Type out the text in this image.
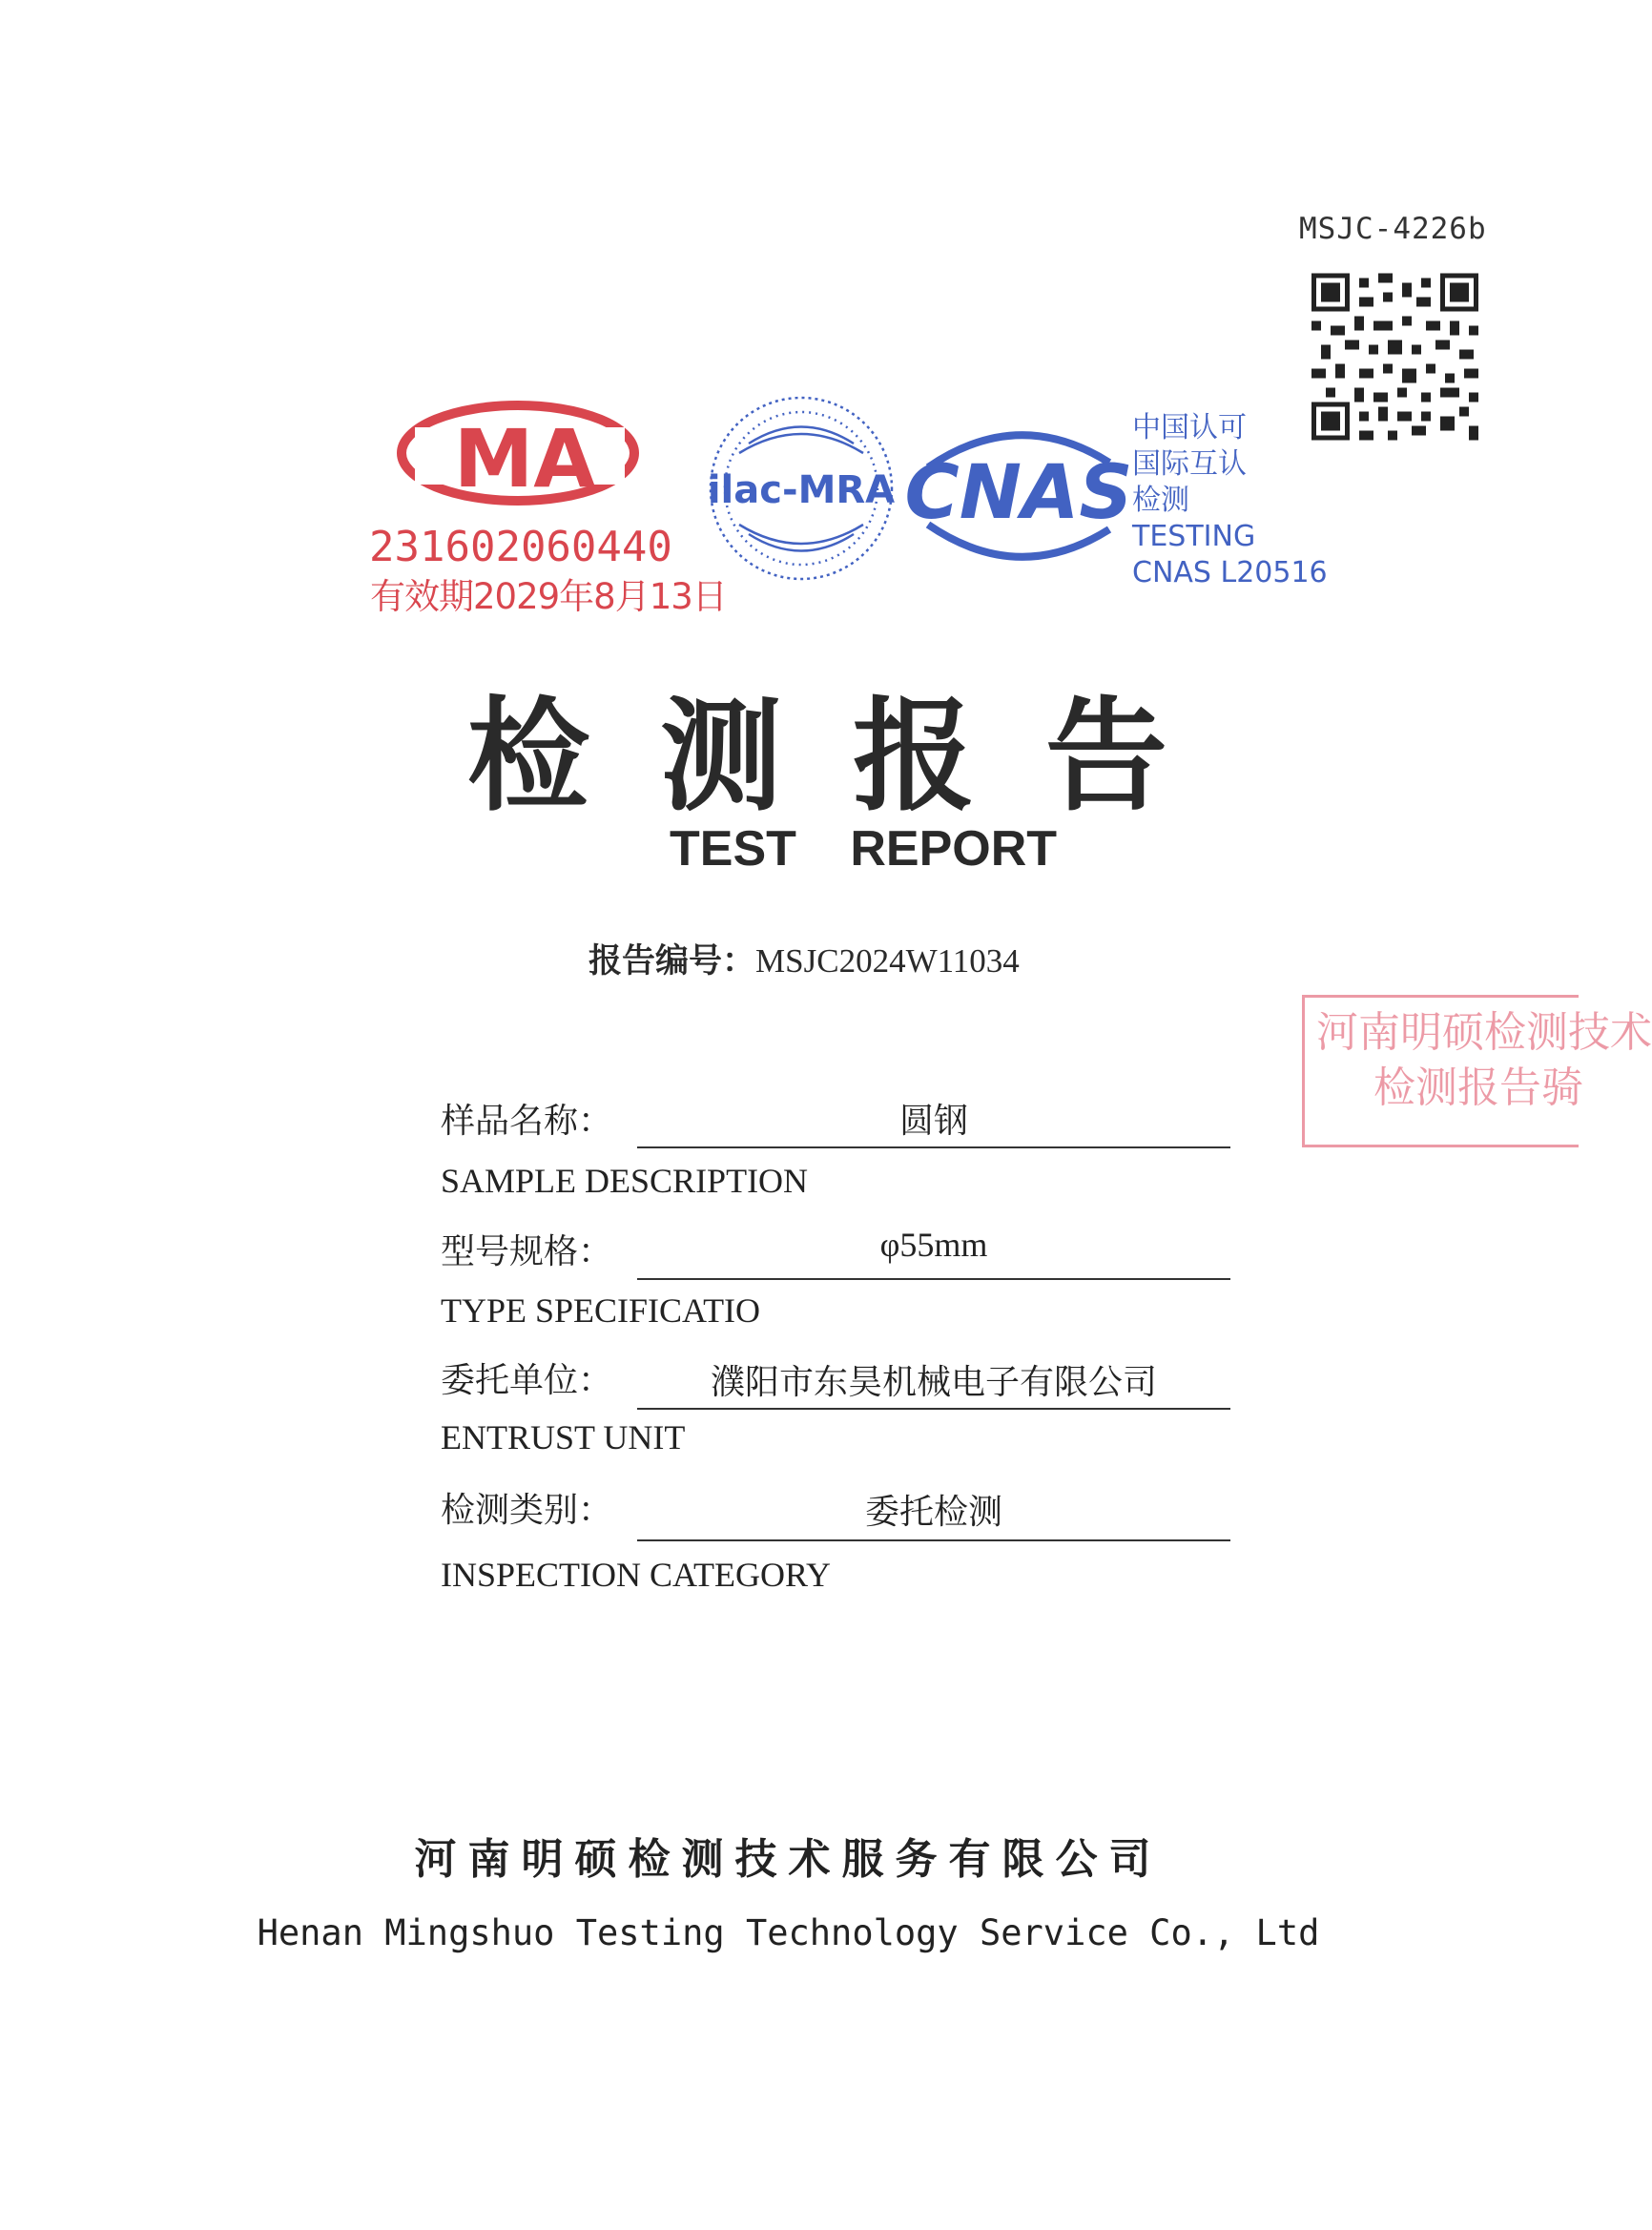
MSJC-4226b
MA
231602060440
有效期2029年8月13日
ilac-MRA CNAS
中国认可
国际互认
检测
TESTING
CNAS L20516
检测报告
TEST REPORT
报告编号：MSJC2024W11034
河南明硕检测技术
检测报告骑
样品名称：	圆钢
SAMPLE DESCRIPTION
型号规格：	φ55mm
TYPE SPECIFICATIO
委托单位：	濮阳市东昊机械电子有限公司
ENTRUST UNIT
检测类别：	委托检测
INSPECTION CATEGORY
河南明硕检测技术服务有限公司
Henan Mingshuo Testing Technology Service Co., Ltd
